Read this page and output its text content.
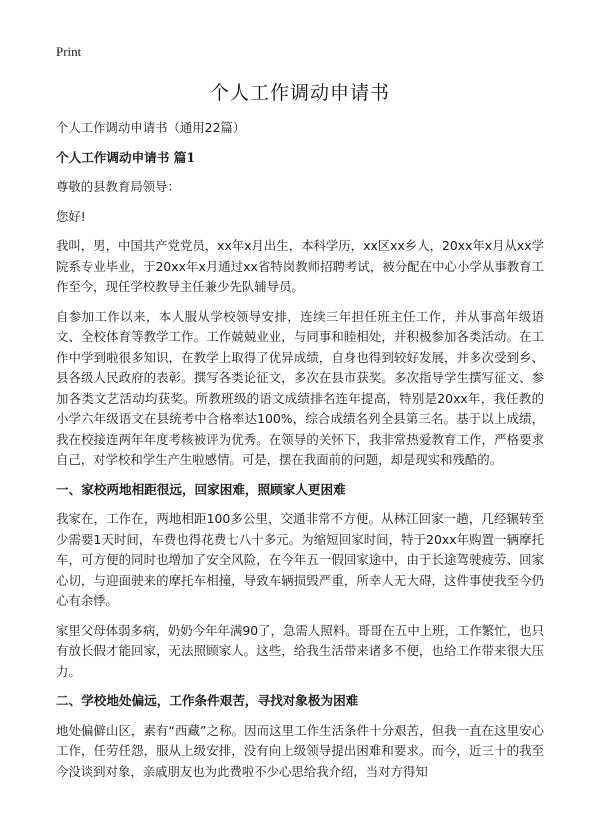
Print
个人工作调动申请书

个人工作调动申请书（通用22篇）

个人工作调动申请书 篇1

尊敬的县教育局领导：

您好!

我叫，男，中国共产党党员，xx年x月出生，本科学历，xx区xx乡人，20xx年x月从xx学院系专业毕业，于20xx年x月通过xx省特岗教师招聘考试，被分配在中心小学从事教育工作至今，现任学校教导主任兼少先队辅导员。

自参加工作以来，本人服从学校领导安排，连续三年担任班主任工作，并从事高年级语文、全校体育等教学工作。工作兢兢业业，与同事和睦相处，并积极参加各类活动。在工作中学到啦很多知识，在教学上取得了优异成绩，自身也得到较好发展，并多次受到乡、县各级人民政府的表彰。撰写各类论征文，多次在县市获奖。多次指导学生撰写征文、参加各类文艺活动均获奖。所教班级的语文成绩排名连年提高，特别是20xx年，我任教的小学六年级语文在县统考中合格率达100%，综合成绩名列全县第三名。基于以上成绩，我在校接连两年年度考核被评为优秀。在领导的关怀下，我非常热爱教育工作，严格要求自己，对学校和学生产生啦感情。可是，摆在我面前的问题，却是现实和残酷的。

一、家校两地相距很远，回家困难，照顾家人更困难

我家在，工作在，两地相距100多公里，交通非常不方便。从林江回家一趟，几经辗转至少需要1天时间，车费也得花费七八十多元。为缩短回家时间，特于20xx年购置一辆摩托车，可方便的同时也增加了安全风险，在今年五一假回家途中，由于长途驾驶疲劳、回家心切，与迎面驶来的摩托车相撞，导致车辆损毁严重，所幸人无大碍，这件事使我至今仍心有余悸。

家里父母体弱多病，奶奶今年年满90了，急需人照料。哥哥在五中上班，工作繁忙，也只有放长假才能回家，无法照顾家人。这些，给我生活带来诸多不便，也给工作带来很大压力。

二、学校地处偏远，工作条件艰苦，寻找对象极为困难

地处偏僻山区，素有“西藏”之称。因而这里工作生活条件十分艰苦，但我一直在这里安心工作，任劳任怨，服从上级安排，没有向上级领导提出困难和要求。而今，近三十的我至今没谈到对象，亲戚朋友也为此费啦不少心思给我介绍，当对方得知
